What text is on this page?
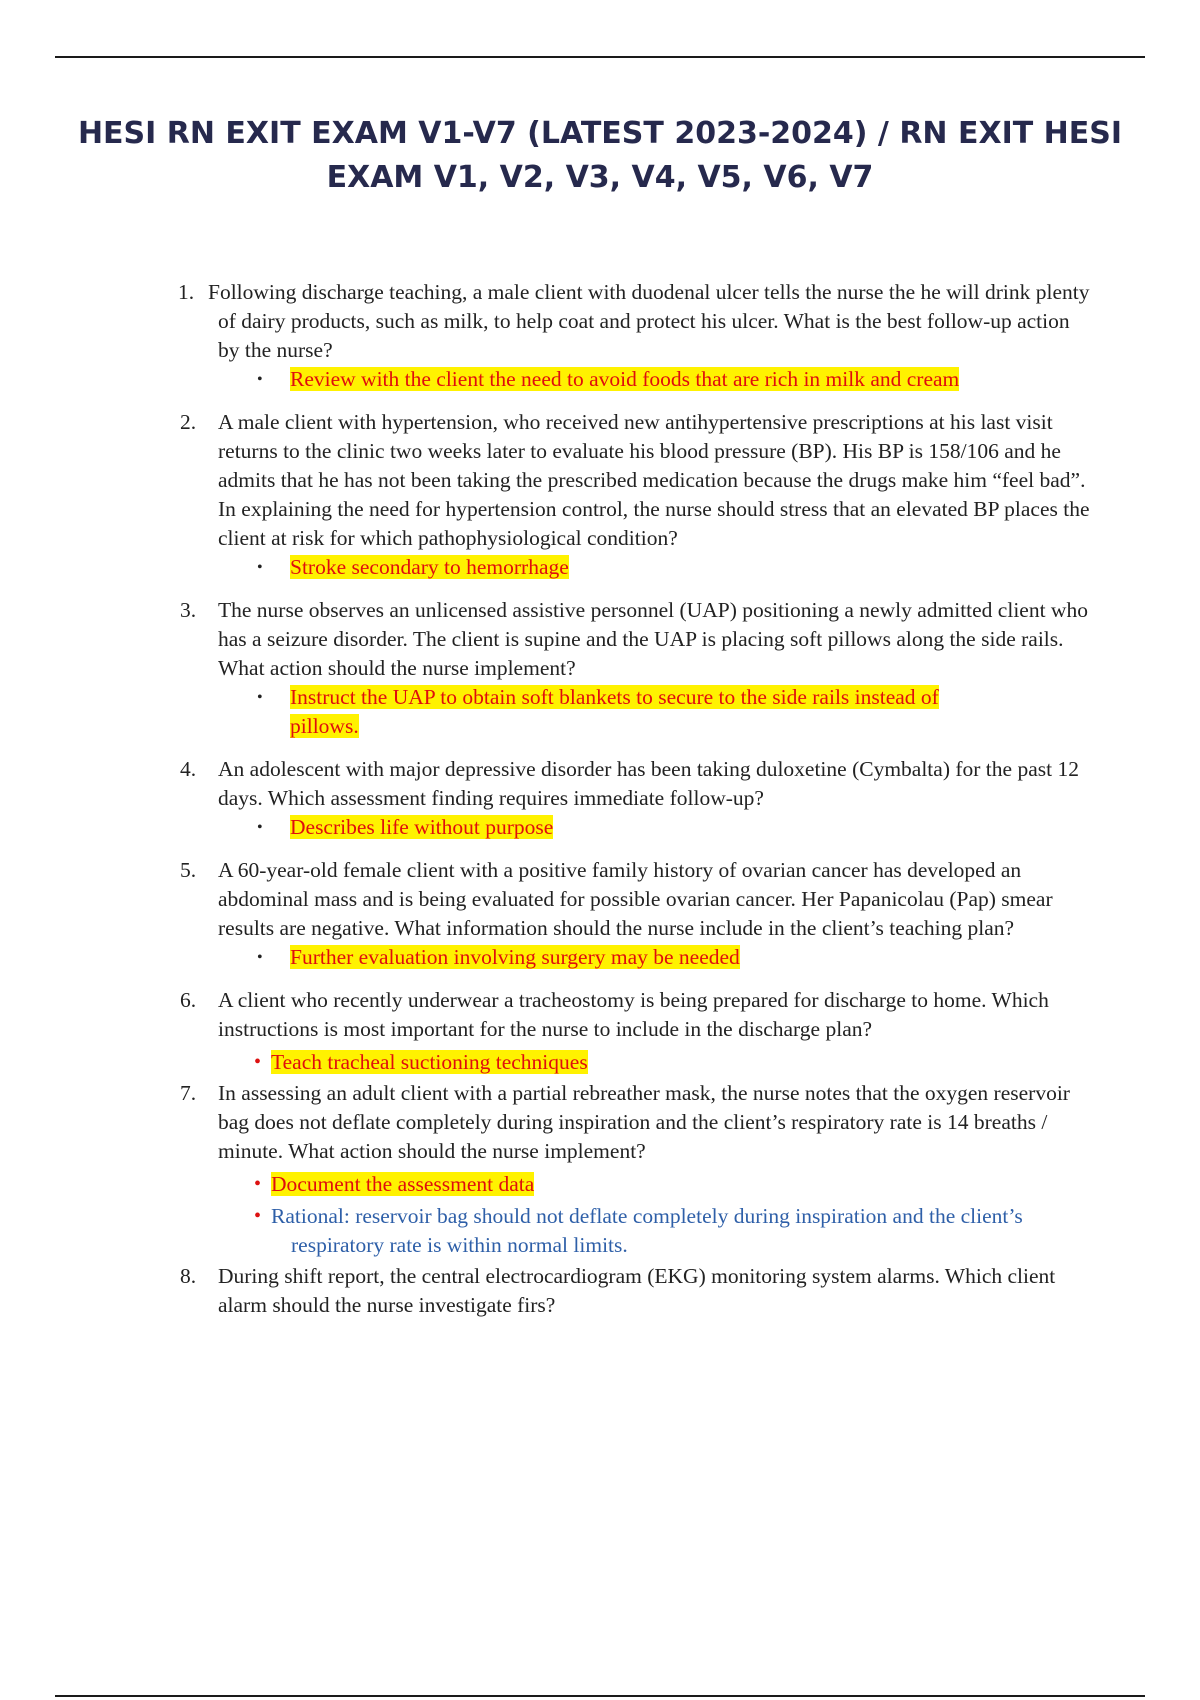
HESI RN EXIT EXAM V1-V7 (LATEST 2023-2024) / RN EXIT HESI
EXAM V1, V2, V3, V4, V5, V6, V7
1. Following discharge teaching, a male client with duodenal ulcer tells the nurse the he will drink plenty of dairy products, such as milk, to help coat and protect his ulcer. What is the best follow-up action by the nurse?
• Review with the client the need to avoid foods that are rich in milk and cream
2.	A male client with hypertension, who received new antihypertensive prescriptions at his last visit returns to the clinic two weeks later to evaluate his blood pressure (BP). His BP is 158/106 and he admits that he has not been taking the prescribed medication because the drugs make him “feel bad”. In explaining the need for hypertension control, the nurse should stress that an elevated BP places the client at risk for which pathophysiological condition?
• Stroke secondary to hemorrhage
3.	The nurse observes an unlicensed assistive personnel (UAP) positioning a newly admitted client who has a seizure disorder. The client is supine and the UAP is placing soft pillows along the side rails. What action should the nurse implement?
• Instruct the UAP to obtain soft blankets to secure to the side rails instead of pillows.
4.	An adolescent with major depressive disorder has been taking duloxetine (Cymbalta) for the past 12 days. Which assessment finding requires immediate follow-up?
• Describes life without purpose
5.	A 60-year-old female client with a positive family history of ovarian cancer has developed an abdominal mass and is being evaluated for possible ovarian cancer. Her Papanicolau (Pap) smear results are negative. What information should the nurse include in the client’s teaching plan?
• Further evaluation involving surgery may be needed
6.	A client who recently underwear a tracheostomy is being prepared for discharge to home. Which instructions is most important for the nurse to include in the discharge plan?
• Teach tracheal suctioning techniques
7.	In assessing an adult client with a partial rebreather mask, the nurse notes that the oxygen reservoir bag does not deflate completely during inspiration and the client’s respiratory rate is 14 breaths / minute. What action should the nurse implement?
• Document the assessment data
• Rational: reservoir bag should not deflate completely during inspiration and the client’s
respiratory rate is within normal limits.
8.	During shift report, the central electrocardiogram (EKG) monitoring system alarms. Which client alarm should the nurse investigate firs?
